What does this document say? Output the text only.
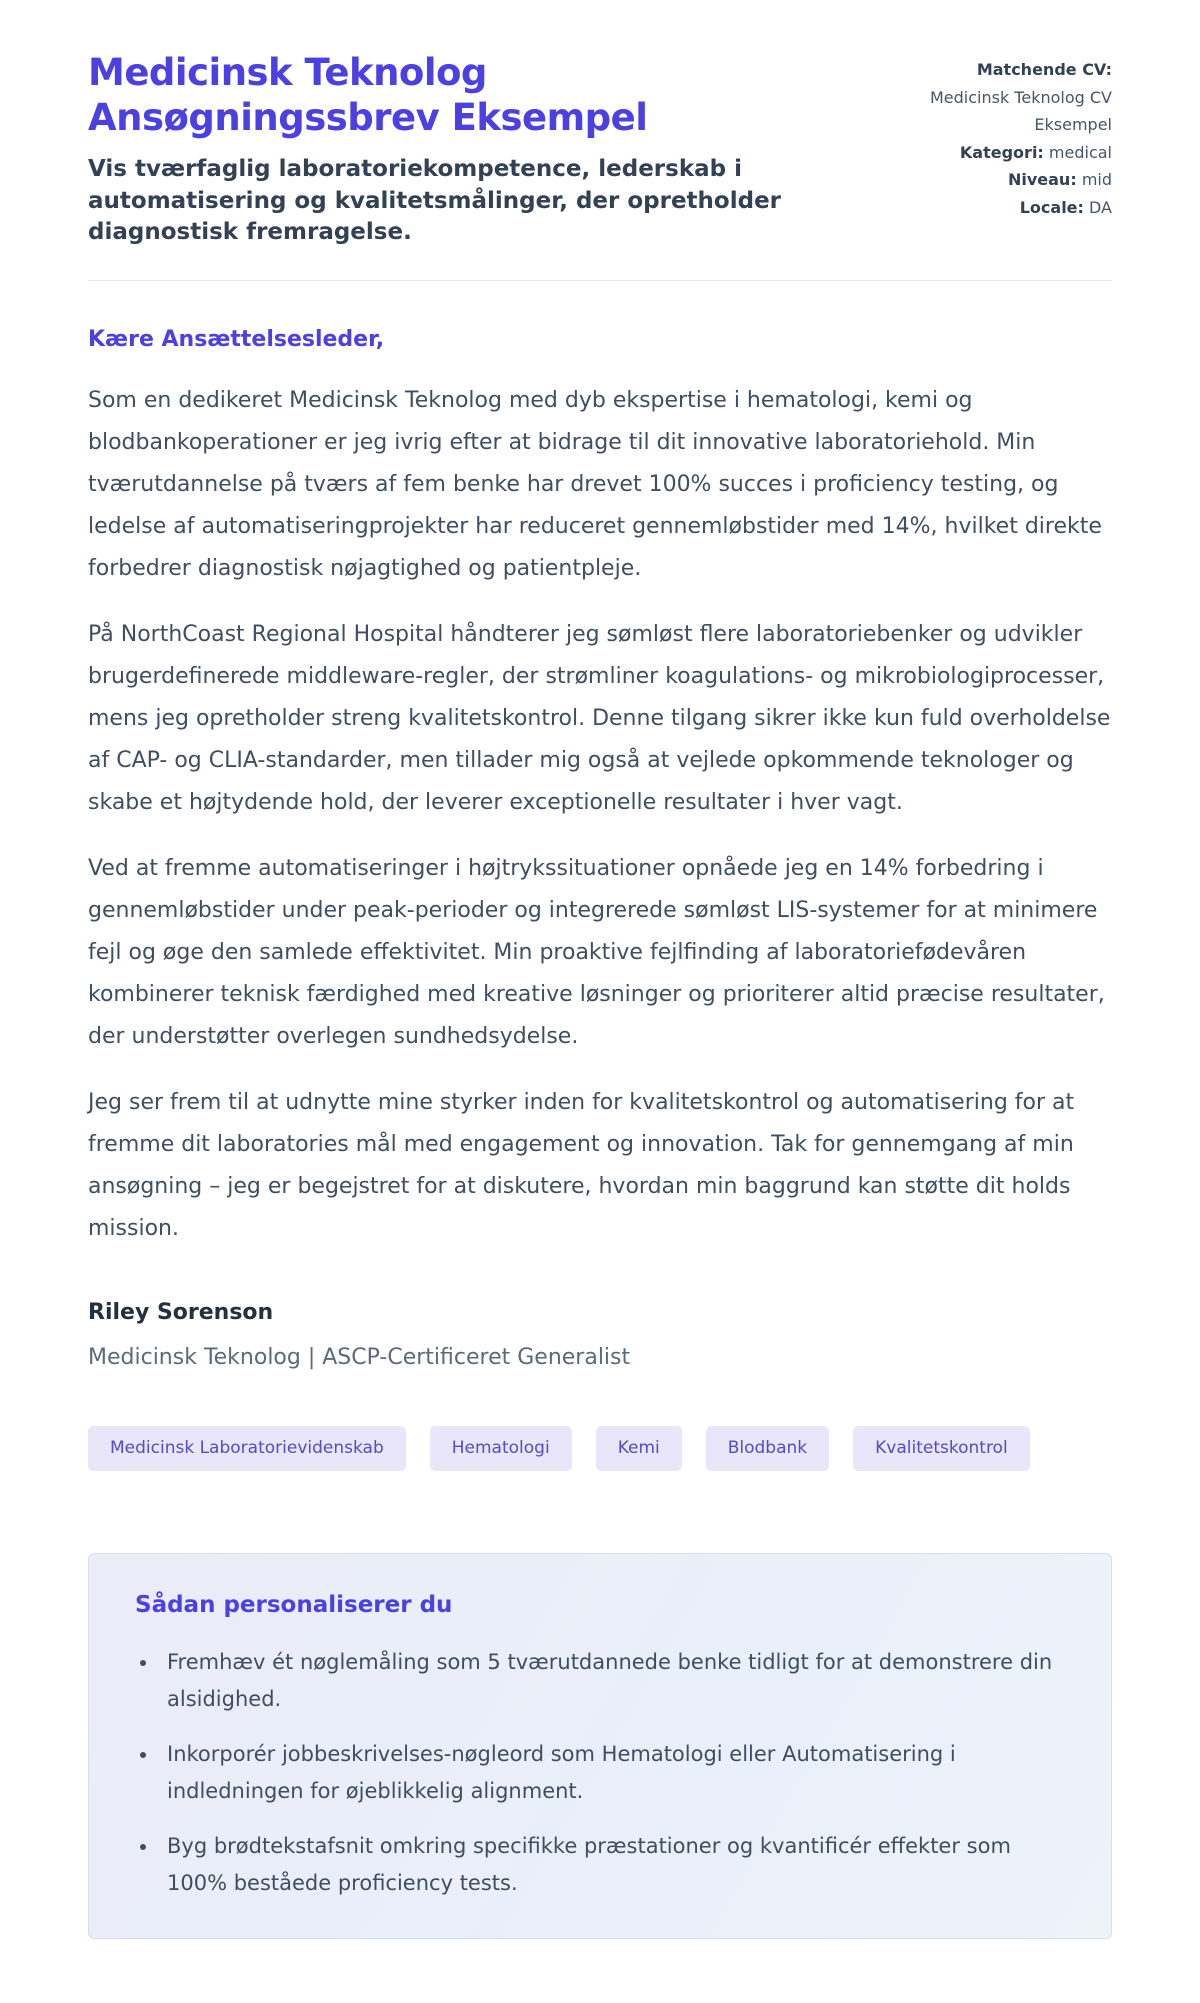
Medicinsk Teknolog Ansøgningssbrev Eksempel

Vis tværfaglig laboratoriekompetence, lederskab i automatisering og kvalitetsmålinger, der opretholder diagnostisk fremragelse.

Matchende CV:
Medicinsk Teknolog CV Eksempel
Kategori: medical
Niveau: mid
Locale: DA

Kære Ansættelsesleder,

Som en dedikeret Medicinsk Teknolog med dyb ekspertise i hematologi, kemi og blodbankoperationer er jeg ivrig efter at bidrage til dit innovative laboratoriehold. Min tværutdannelse på tværs af fem benke har drevet 100% succes i proficiency testing, og ledelse af automatiseringprojekter har reduceret gennemløbstider med 14%, hvilket direkte forbedrer diagnostisk nøjagtighed og patientpleje.

På NorthCoast Regional Hospital håndterer jeg sømløst flere laboratoriebenker og udvikler brugerdefinerede middleware-regler, der strømliner koagulations- og mikrobiologiprocesser, mens jeg opretholder streng kvalitetskontrol. Denne tilgang sikrer ikke kun fuld overholdelse af CAP- og CLIA-standarder, men tillader mig også at vejlede opkommende teknologer og skabe et højtydende hold, der leverer exceptionelle resultater i hver vagt.

Ved at fremme automatiseringer i højtrykssituationer opnåede jeg en 14% forbedring i gennemløbstider under peak-perioder og integrerede sømløst LIS-systemer for at minimere fejl og øge den samlede effektivitet. Min proaktive fejlfinding af laboratoriefødevåren kombinerer teknisk færdighed med kreative løsninger og prioriterer altid præcise resultater, der understøtter overlegen sundhedsydelse.

Jeg ser frem til at udnytte mine styrker inden for kvalitetskontrol og automatisering for at fremme dit laboratories mål med engagement og innovation. Tak for gennemgang af min ansøgning – jeg er begejstret for at diskutere, hvordan min baggrund kan støtte dit holds mission.

Riley Sorenson

Medicinsk Teknolog | ASCP-Certificeret Generalist

Medicinsk Laboratorievidenskab	Hematologi	Kemi	Blodbank	Kvalitetskontrol
Sådan personaliserer du
• Fremhæv ét nøglemåling som 5 tværutdannede benke tidligt for at demonstrere din alsidighed.
• Inkorporér jobbeskrivelses-nøgleord som Hematologi eller Automatisering i indledningen for øjeblikkelig alignment.
• Byg brødtekstafsnit omkring specifikke præstationer og kvantificér effekter som 100% beståede proficiency tests.
